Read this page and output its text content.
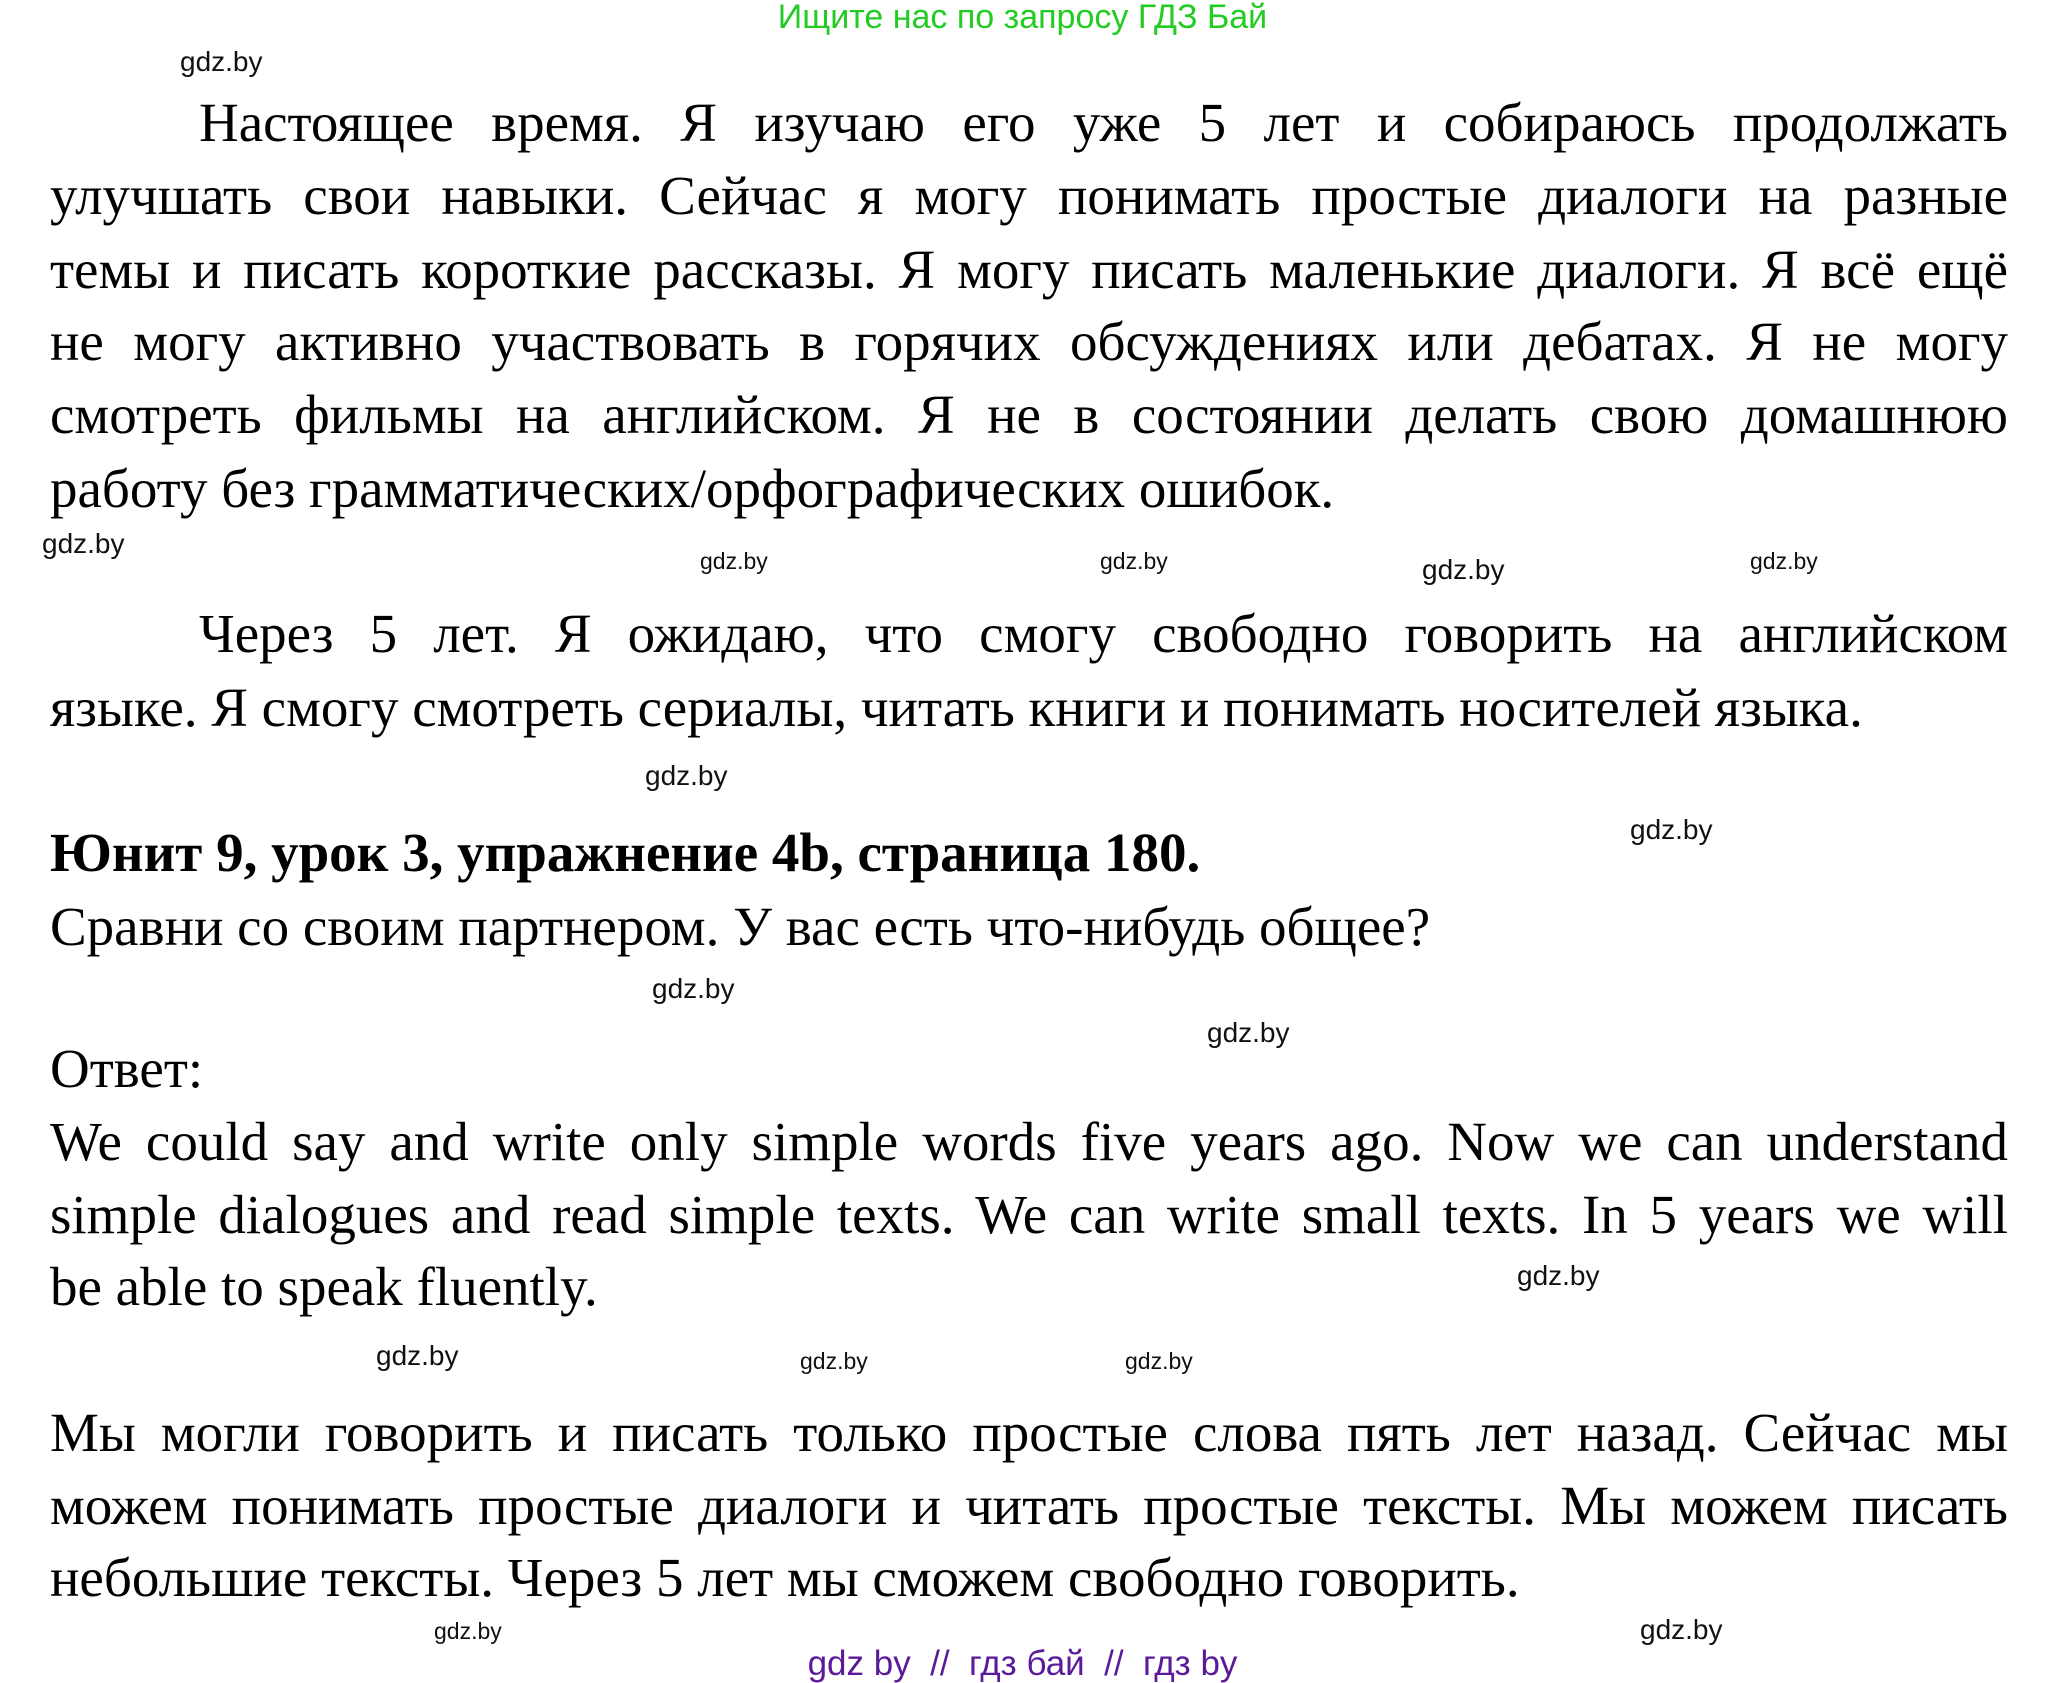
Ищите нас по запросу ГДЗ Бай
Настоящее время. Я изучаю его уже 5 лет и собираюсь продолжать
улучшать свои навыки. Сейчас я могу понимать простые диалоги на разные
темы и писать короткие рассказы. Я могу писать маленькие диалоги. Я всё ещё
не могу активно участвовать в горячих обсуждениях или дебатах. Я не могу
смотреть фильмы на английском. Я не в состоянии делать свою домашнюю
работу без грамматических/орфографических ошибок.
Через 5 лет. Я ожидаю, что смогу свободно говорить на английском
языке. Я смогу смотреть сериалы, читать книги и понимать носителей языка.
Юнит 9, урок 3, упражнение 4b, страница 180.
Сравни со своим партнером. У вас есть что-нибудь общее?
Ответ:
We could say and write only simple words five years ago. Now we can understand
simple dialogues and read simple texts. We can write small texts. In 5 years we will
be able to speak fluently.
Мы могли говорить и писать только простые слова пять лет назад. Сейчас мы
можем понимать простые диалоги и читать простые тексты. Мы можем писать
небольшие тексты. Через 5 лет мы сможем свободно говорить.
gdz.by
gdz.by	gdz.by	gdz.by
gdz.by
gdz.by
gdz.by
gdz.by
gdz.by
gdz.by
gdz.by
gdz.by	gdz.by
gdz.by
gdz.by
gdz.by
gdz by  //  гдз бай  //  гдз by
